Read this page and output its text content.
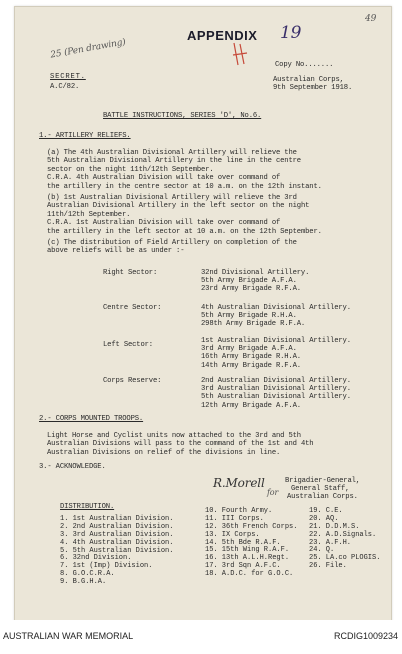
25 (Pen drawing)
49
APPENDIX 19
Copy No.......
SECRET.
A.C/82.
Australian Corps,
9th September 1918.
BATTLE INSTRUCTIONS, SERIES 'D', No.6.
1.- ARTILLERY RELIEFS.
(a) The 4th Australian Divisional Artillery will relieve the
5th Australian Divisional Artillery in the line in the centre
sector on the night 11th/12th September.
C.R.A. 4th Australian Division will take over command of
the artillery in the centre sector at 10 a.m. on the 12th instant.
(b) 1st Australian Divisional Artillery will relieve the 3rd
Australian Divisional Artillery in the left sector on the night
11th/12th September.
C.R.A. 1st Australian Division will take over command of
the artillery in the left sector at 10 a.m. on the 12th September.
(c) The distribution of Field Artillery on completion of the
above reliefs will be as under :-
Right Sector:	32nd Divisional Artillery.
5th Army Brigade A.F.A.
23rd Army Brigade R.F.A.
Centre Sector:	4th Australian Divisional Artillery.
5th Army Brigade R.H.A.
298th Army Brigade R.F.A.
Left Sector:	1st Australian Divisional Artillery.
3rd Army Brigade A.F.A.
16th Army Brigade R.H.A.
14th Army Brigade R.F.A.
Corps Reserve:	2nd Australian Divisional Artillery.
3rd Australian Divisional Artillery.
5th Australian Divisional Artillery.
12th Army Brigade A.F.A.
2.- CORPS MOUNTED TROOPS.
Light Horse and Cyclist units now attached to the 3rd and 5th
Australian Divisions will pass to the command of the 1st and 4th
Australian Divisions on relief of the divisions in line.
3.- ACKNOWLEDGE.
R.Morell
for
Brigadier-General,
General Staff,
Australian Corps.
DISTRIBUTION.
1. 1st Australian Division.
2. 2nd Australian Division.
3. 3rd Australian Division.
4. 4th Australian Division.
5. 5th Australian Division.
6. 32nd Division.
7. 1st (Imp) Division.
8. G.O.C.R.A.
9. B.G.H.A.
10. Fourth Army.
11. III Corps.
12. 36th French Corps.
13. IX Corps.
14. 5th Bde R.A.F.
15. 15th Wing R.A.F.
16. 13th A.L.H.Regt.
17. 3rd Sqn A.F.C.
18. A.D.C. for G.O.C.
19. C.E.
20. AQ.
21. D.D.M.S.
22. A.D.Signals.
23. A.F.H.
24. Q.
25. LA.co PLOGIS.
26. File.
AUSTRALIAN WAR MEMORIAL	RCDIG1009234
